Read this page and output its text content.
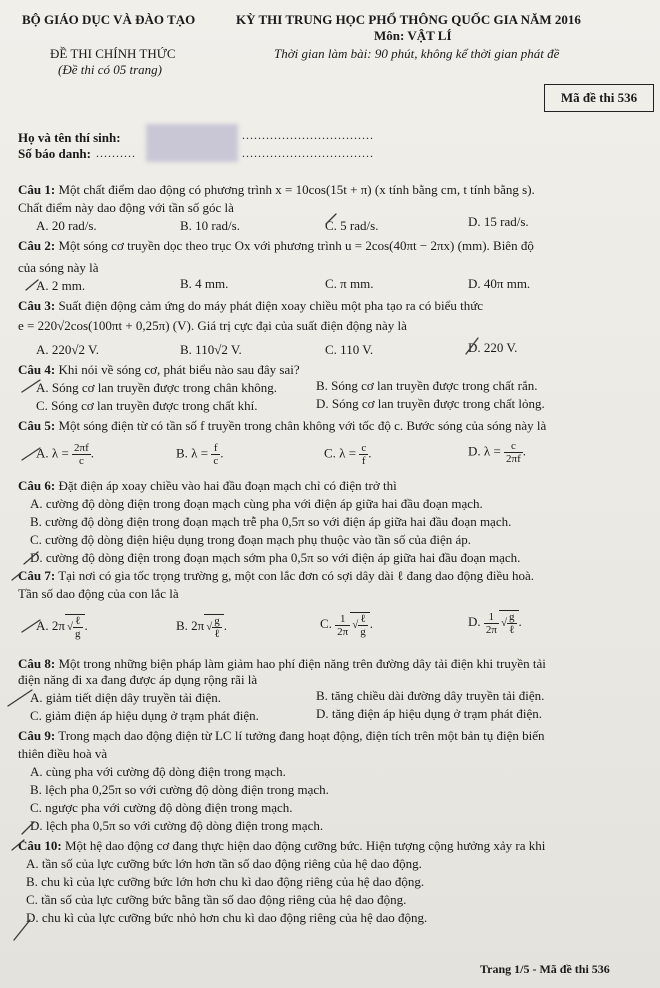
BỘ GIÁO DỤC VÀ ĐÀO TẠO	KỲ THI TRUNG HỌC PHỔ THÔNG QUỐC GIA NĂM 2016
Môn: VẬT LÍ
ĐỀ THI CHÍNH THỨC
(Đề thi có 05 trang)
Thời gian làm bài: 90 phút, không kể thời gian phát đề
Mã đề thi 536
Họ và tên thí sinh:
Số báo danh: ..........
.................................
.................................
Câu 1: Một chất điểm dao động có phương trình x = 10cos(15t + π) (x tính bằng cm, t tính bằng s).
Chất điểm này dao động với tần số góc là
A. 20 rad/s.	B. 10 rad/s.	C. 5 rad/s.	D. 15 rad/s.
Câu 2: Một sóng cơ truyền dọc theo trục Ox với phương trình u = 2cos(40πt − 2πx) (mm). Biên độ
của sóng này là
A. 2 mm.	B. 4 mm.	C. π mm.	D. 40π mm.
Câu 3: Suất điện động cảm ứng do máy phát điện xoay chiều một pha tạo ra có biểu thức
e = 220√2cos(100πt + 0,25π) (V). Giá trị cực đại của suất điện động này là
A. 220√2 V.	B. 110√2 V.	C. 110 V.	D. 220 V.
Câu 4: Khi nói về sóng cơ, phát biểu nào sau đây sai?
A. Sóng cơ lan truyền được trong chân không.	B. Sóng cơ lan truyền được trong chất rắn.
C. Sóng cơ lan truyền được trong chất khí.	D. Sóng cơ lan truyền được trong chất lỏng.
Câu 5: Một sóng điện từ có tần số f truyền trong chân không với tốc độ c. Bước sóng của sóng này là
A. $\lambda = \frac{2\pi f}{c}$ .	B. $\lambda = \frac{f}{c}$ .	C. $\lambda = \frac{c}{f}$ .	D. $\lambda = \frac{c}{2\pi f}$ .
Câu 6: Đặt điện áp xoay chiều vào hai đầu đoạn mạch chỉ có điện trở thì
A. cường độ dòng điện trong đoạn mạch cùng pha với điện áp giữa hai đầu đoạn mạch.
B. cường độ dòng điện trong đoạn mạch trễ pha 0,5π so với điện áp giữa hai đầu đoạn mạch.
C. cường độ dòng điện hiệu dụng trong đoạn mạch phụ thuộc vào tần số của điện áp.
D. cường độ dòng điện trong đoạn mạch sớm pha 0,5π so với điện áp giữa hai đầu đoạn mạch.
Câu 7: Tại nơi có gia tốc trọng trường g, một con lắc đơn có sợi dây dài ℓ đang dao động điều hoà.
Tần số dao động của con lắc là
A. 2π √ $\frac{\text{ℓ}}{g}$ .	B. 2π √ $\frac{g}{\text{ℓ}}$ .	C. $\frac{1}{2\pi}$ √ $\frac{\text{ℓ}}{g}$ .	D. $\frac{1}{2\pi}$ √ $\frac{g}{\text{ℓ}}$ .
Câu 8: Một trong những biện pháp làm giảm hao phí điện năng trên đường dây tải điện khi truyền tải
điện năng đi xa đang được áp dụng rộng rãi là
A. giảm tiết diện dây truyền tải điện.	B. tăng chiều dài đường dây truyền tải điện.
C. giảm điện áp hiệu dụng ở trạm phát điện.	D. tăng điện áp hiệu dụng ở trạm phát điện.
Câu 9: Trong mạch dao động điện từ LC lí tưởng đang hoạt động, điện tích trên một bản tụ điện biến
thiên điều hoà và
A. cùng pha với cường độ dòng điện trong mạch.
B. lệch pha 0,25π so với cường độ dòng điện trong mạch.
C. ngược pha với cường độ dòng điện trong mạch.
D. lệch pha 0,5π so với cường độ dòng điện trong mạch.
Câu 10: Một hệ dao động cơ đang thực hiện dao động cưỡng bức. Hiện tượng cộng hưởng xảy ra khi
A. tần số của lực cưỡng bức lớn hơn tần số dao động riêng của hệ dao động.
B. chu kì của lực cưỡng bức lớn hơn chu kì dao động riêng của hệ dao động.
C. tần số của lực cưỡng bức bằng tần số dao động riêng của hệ dao động.
D. chu kì của lực cưỡng bức nhỏ hơn chu kì dao động riêng của hệ dao động.
Trang 1/5 - Mã đề thi 536
